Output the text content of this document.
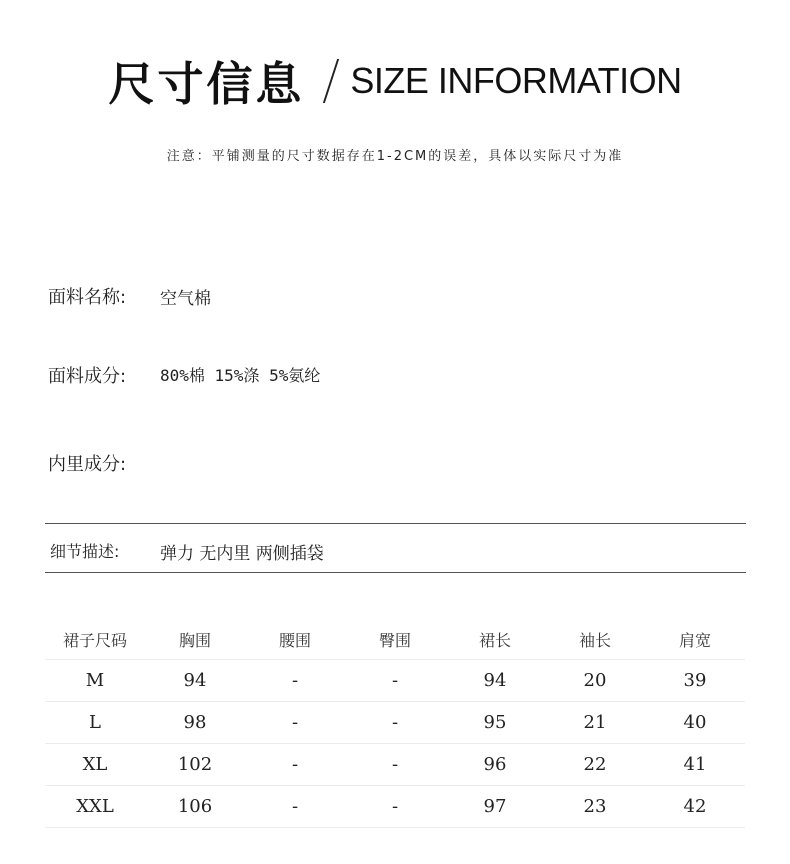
尺寸信息 SIZE INFORMATION
注意：平铺测量的尺寸数据存在1-2CM的误差，具体以实际尺寸为准
面料名称:	空气棉
面料成分:	80%棉 15%涤 5%氨纶
内里成分:
细节描述:	弹力 无内里 两侧插袋
裙子尺码	胸围	腰围	臀围	裙长	袖长	肩宽
M	94	-	-	94	20	39
L	98	-	-	95	21	40
XL	102	-	-	96	22	41
XXL	106	-	-	97	23	42
